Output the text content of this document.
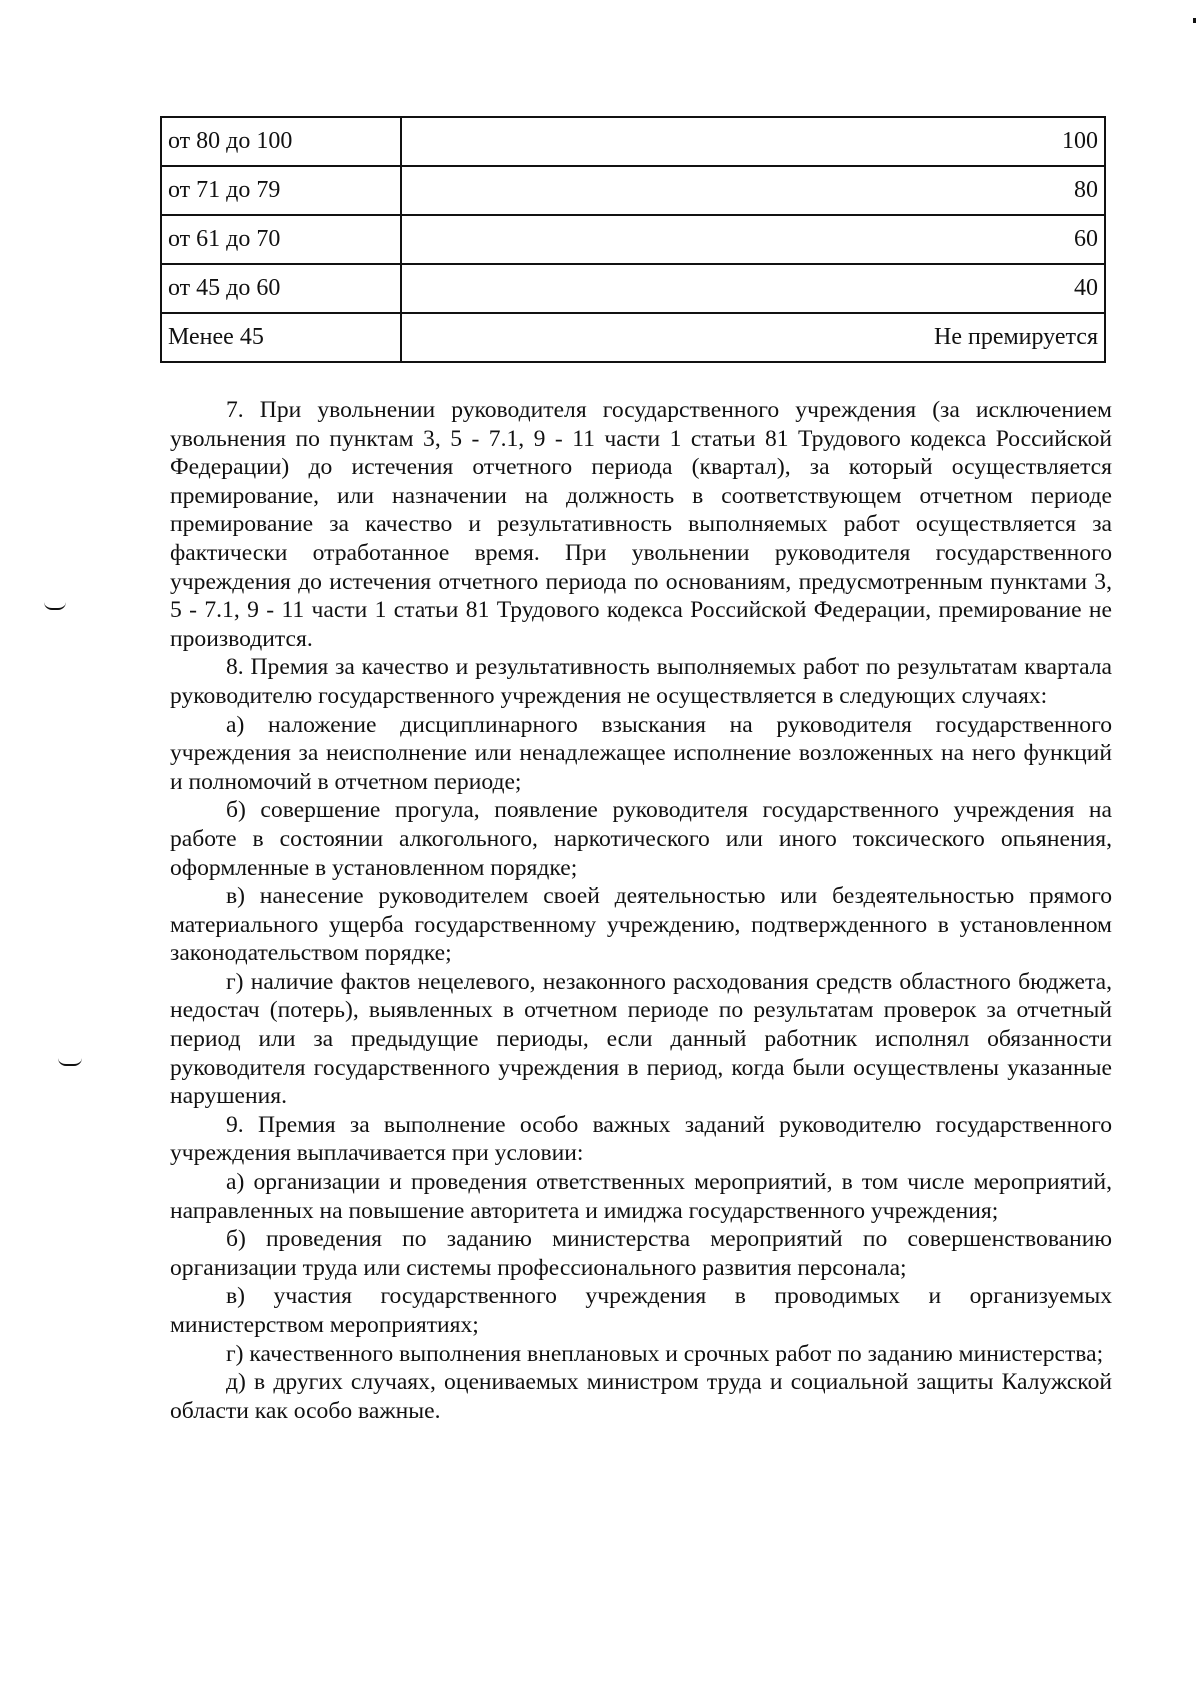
от 80 до 100	100
от 71 до 79	80
от 61 до 70	60
от 45 до 60	40
Менее 45	Не премируется

7. При увольнении руководителя государственного учреждения (за исключением увольнения по пунктам 3, 5 - 7.1, 9 - 11 части 1 статьи 81 Трудового кодекса Российской Федерации) до истечения отчетного периода (квартал), за который осуществляется премирование, или назначении на должность в соответствующем отчетном периоде премирование за качество и результативность выполняемых работ осуществляется за фактически отработанное время. При увольнении руководителя государственного учреждения до истечения отчетного периода по основаниям, предусмотренным пунктами 3, 5 - 7.1, 9 - 11 части 1 статьи 81 Трудового кодекса Российской Федерации, премирование не производится.

8. Премия за качество и результативность выполняемых работ по результатам квартала руководителю государственного учреждения не осуществляется в следующих случаях:

а) наложение дисциплинарного взыскания на руководителя государственного учреждения за неисполнение или ненадлежащее исполнение возложенных на него функций и полномочий в отчетном периоде;

б) совершение прогула, появление руководителя государственного учреждения на работе в состоянии алкогольного, наркотического или иного токсического опьянения, оформленные в установленном порядке;

в) нанесение руководителем своей деятельностью или бездеятельностью прямого материального ущерба государственному учреждению, подтвержденного в установленном законодательством порядке;

г) наличие фактов нецелевого, незаконного расходования средств областного бюджета, недостач (потерь), выявленных в отчетном периоде по результатам проверок за отчетный период или за предыдущие периоды, если данный работник исполнял обязанности руководителя государственного учреждения в период, когда были осуществлены указанные нарушения.

9. Премия за выполнение особо важных заданий руководителю государственного учреждения выплачивается при условии:

а) организации и проведения ответственных мероприятий, в том числе мероприятий, направленных на повышение авторитета и имиджа государственного учреждения;

б) проведения по заданию министерства мероприятий по совершенствованию организации труда или системы профессионального развития персонала;

в) участия государственного учреждения в проводимых и организуемых министерством мероприятиях;

г) качественного выполнения внеплановых и срочных работ по заданию министерства;

д) в других случаях, оцениваемых министром труда и социальной защиты Калужской области как особо важные.
